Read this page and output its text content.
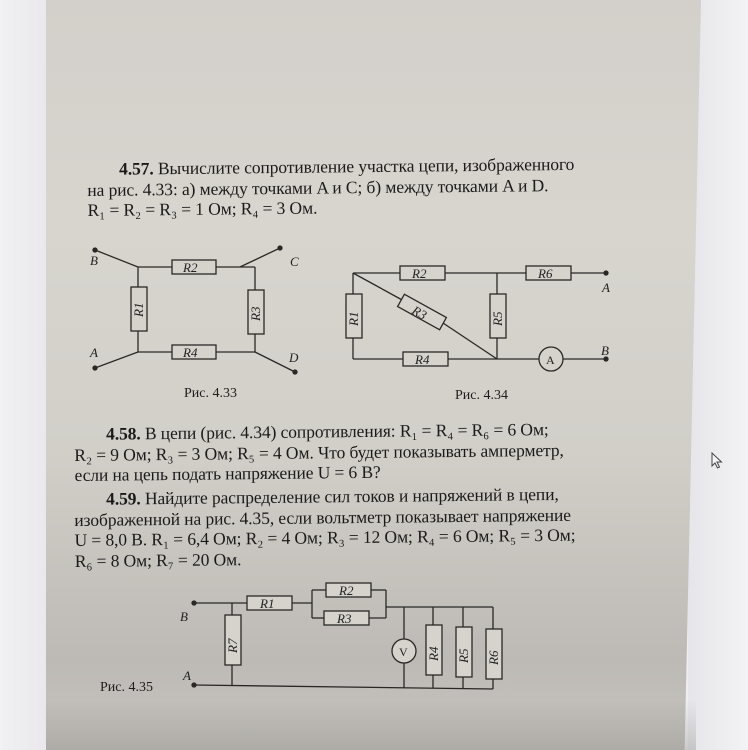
4.57. Вычислите сопротивление участка цепи, изображенного
на рис. 4.33: а) между точками A и C; б) между точками A и D.
R₁ = R₂ = R₃ = 1 Ом; R₄ = 3 Ом.
B	C
A	D
R2
R4
R1	R3
Рис. 4.33
R2	R6
R4
R1	R5
R3
A
B
A
Рис. 4.34
4.58. В цепи (рис. 4.34) сопротивления: R₁ = R₄ = R₆ = 6 Ом;
R₂ = 9 Ом; R₃ = 3 Ом; R₅ = 4 Ом. Что будет показывать амперметр,
если на цепь подать напряжение U = 6 В?
4.59. Найдите распределение сил токов и напряжений в цепи,
изображенной на рис. 4.35, если вольтметр показывает напряжение
U = 8,0 В. R₁ = 6,4 Ом; R₂ = 4 Ом; R₃ = 12 Ом; R₄ = 6 Ом; R₅ = 3 Ом;
R₆ = 8 Ом; R₇ = 20 Ом.
B
A
R1
R2
R3
R7
R4 R5 R6
V
Рис. 4.35
